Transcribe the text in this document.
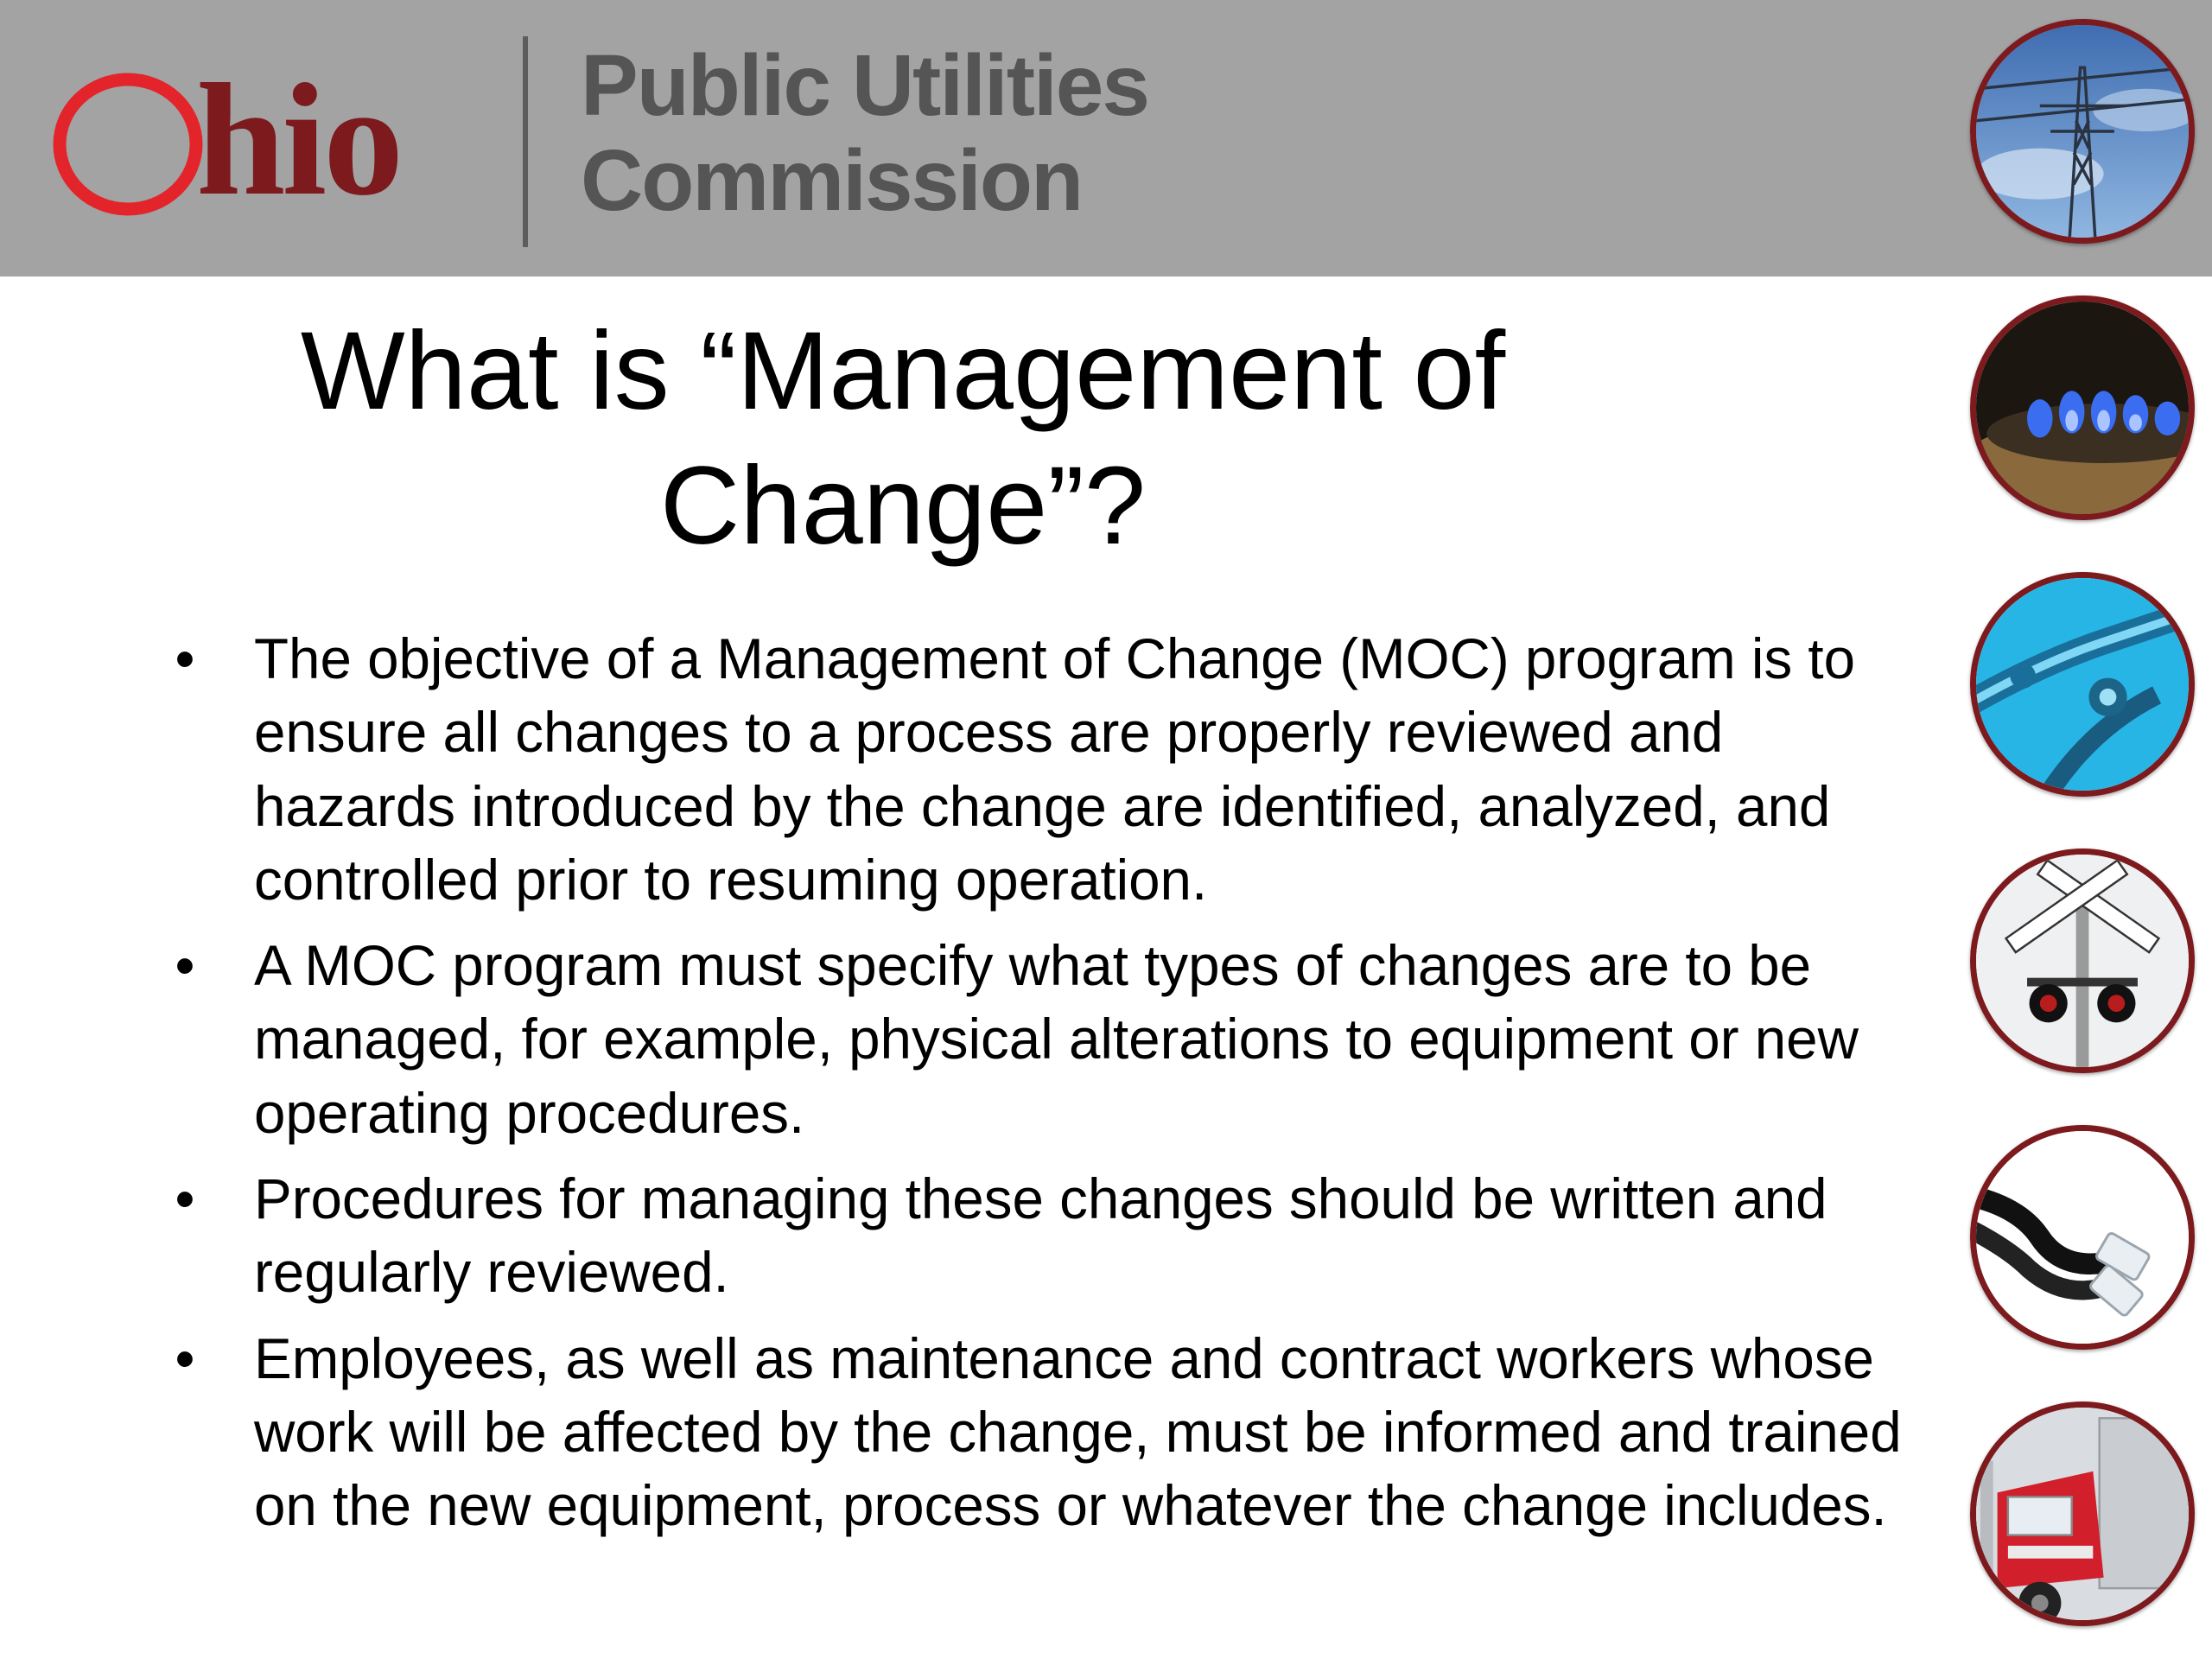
hio Public Utilities
Commission
What is “Management of Change”?
• The objective of a Management of Change (MOC) program is to ensure all changes to a process are properly reviewed and hazards introduced by the change are identified, analyzed, and controlled prior to resuming operation.
• A MOC program must specify what types of changes are to be managed, for example, physical alterations to equipment or new operating procedures.
• Procedures for managing these changes should be written and regularly reviewed.
• Employees, as well as maintenance and contract workers whose work will be affected by the change, must be informed and trained on the new equipment, process or whatever the change includes.
